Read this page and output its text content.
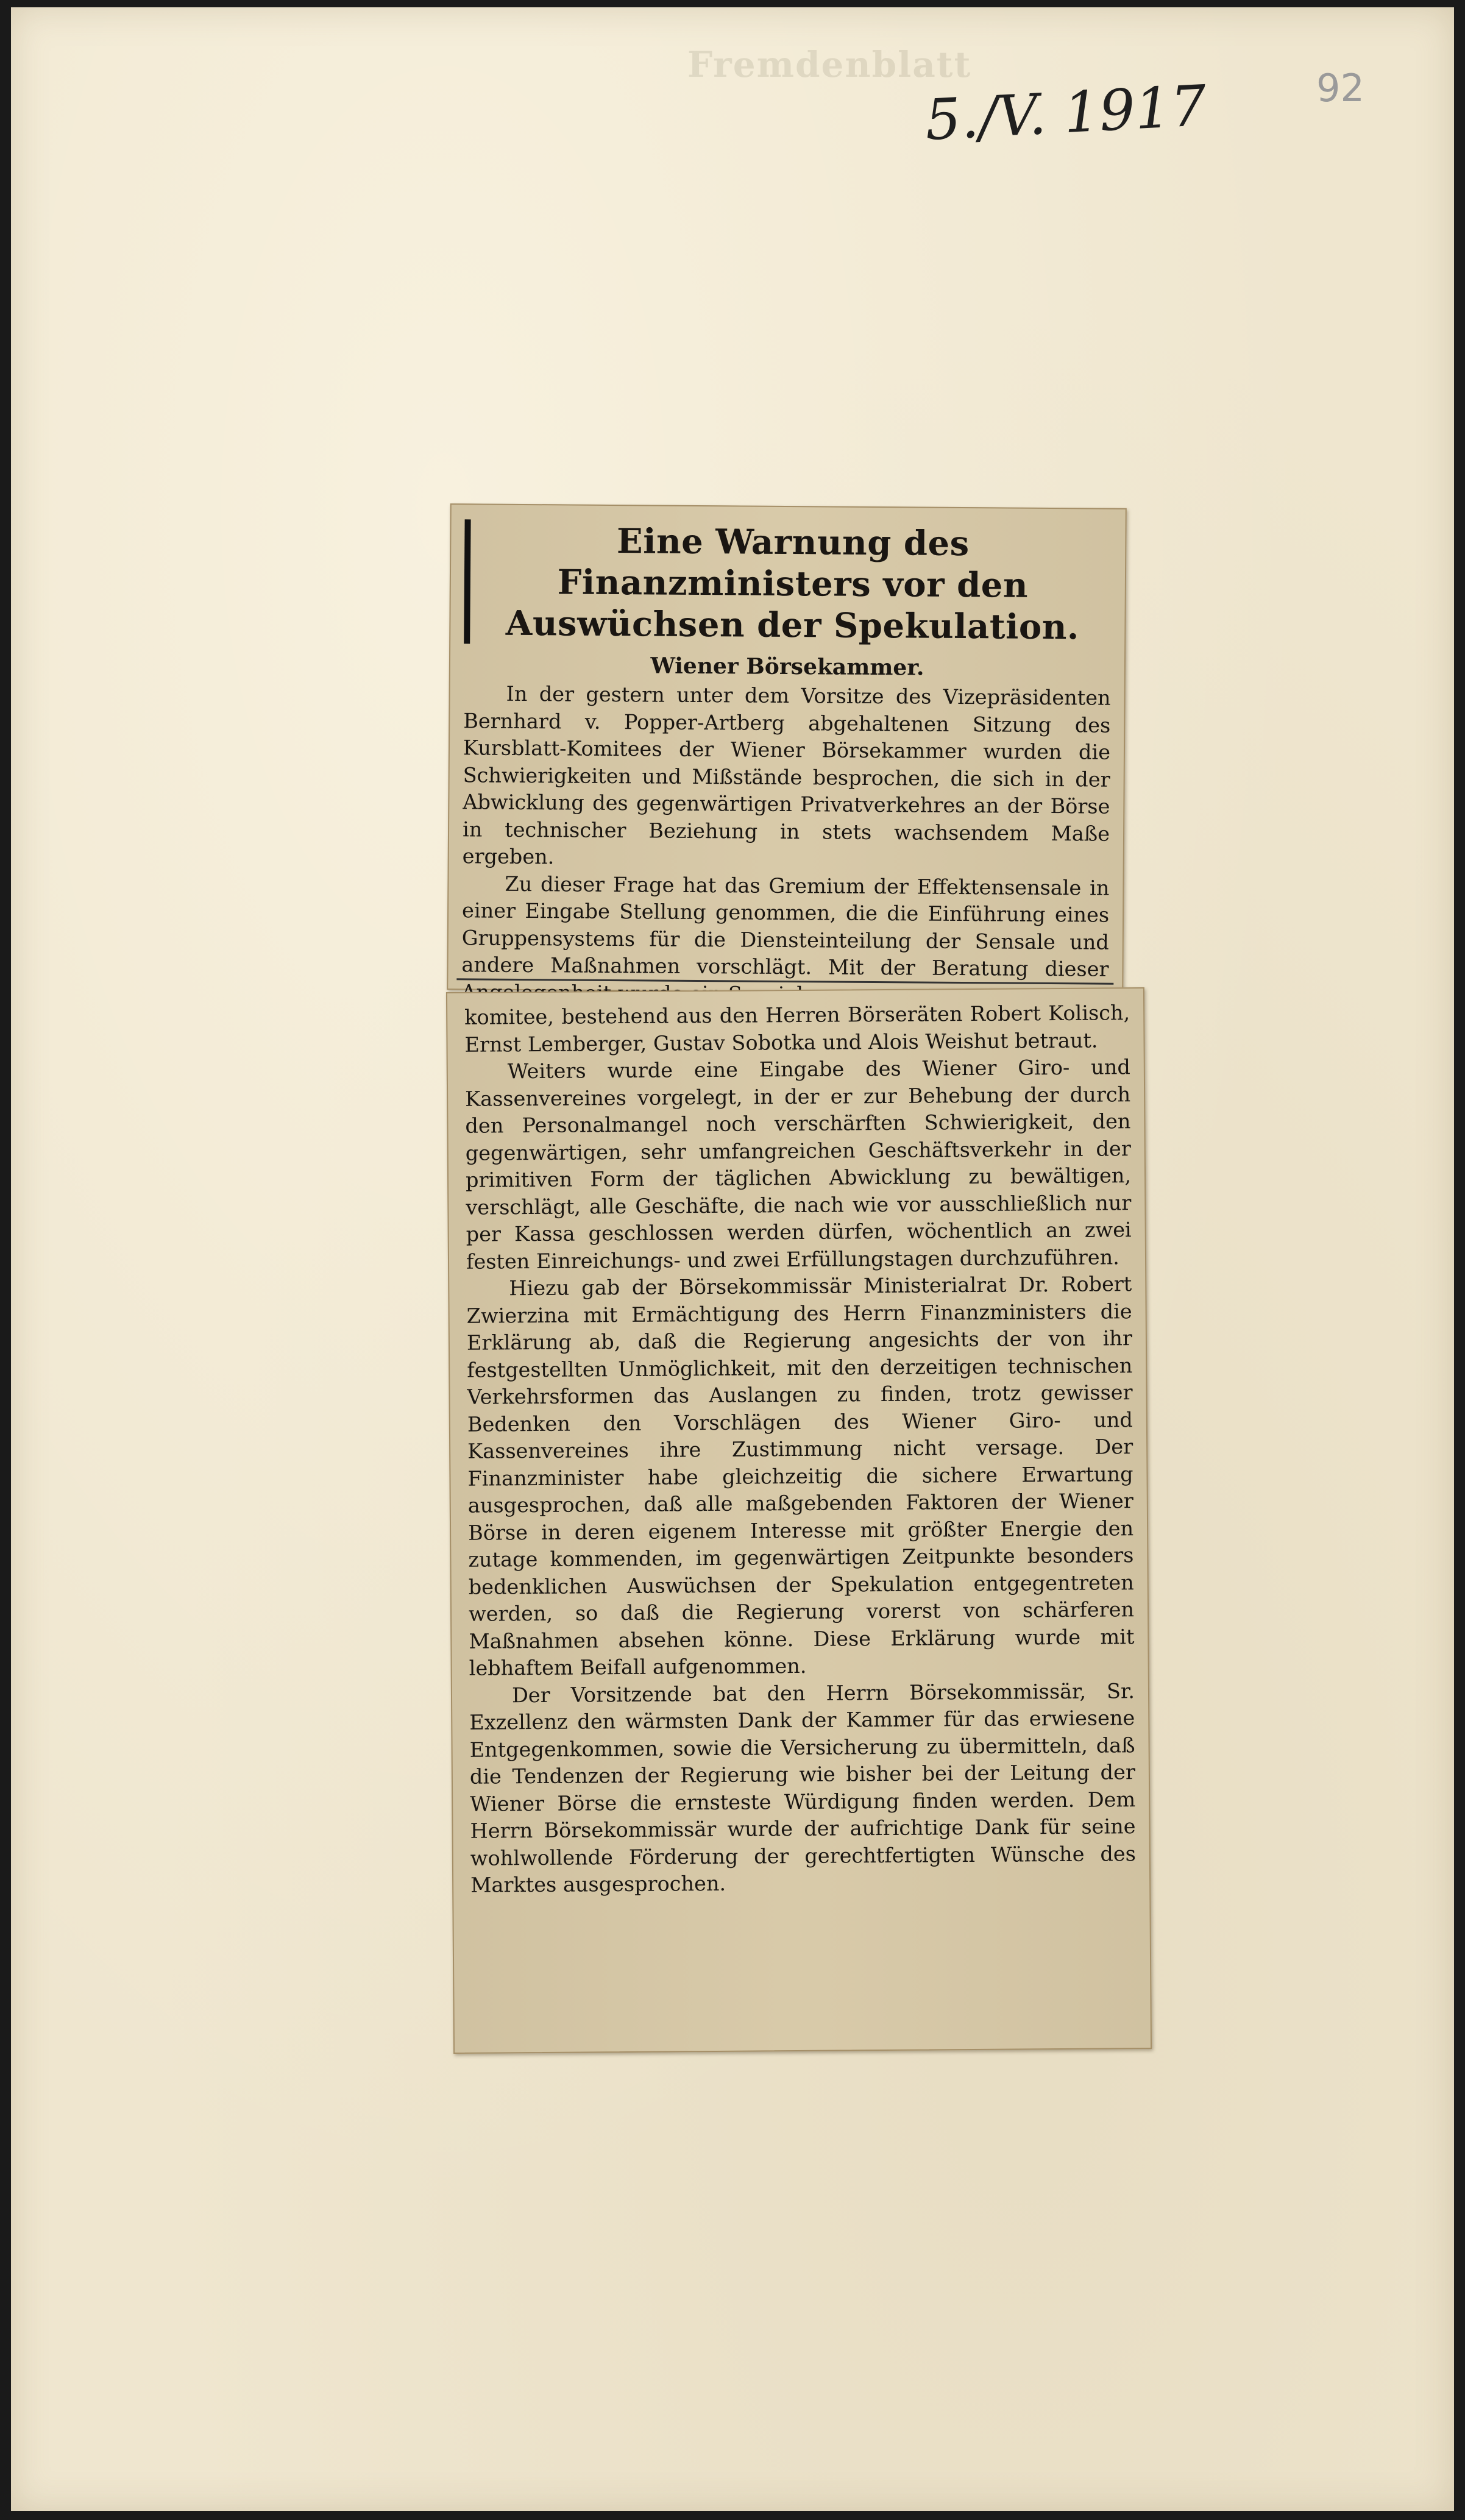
Fremdenblatt
5./V. 1917	92
Eine Warnung des Finanzministers vor den Auswüchsen der Spekulation.
Wiener Börsekammer.

In der gestern unter dem Vorsitze des Vizepräsidenten Bernhard v. Popper-Artberg abgehaltenen Sitzung des Kursblatt-Komitees der Wiener Börsekammer wurden die Schwierigkeiten und Mißstände besprochen, die sich in der Abwicklung des gegenwärtigen Privatverkehres an der Börse in technischer Beziehung in stets wachsendem Maße ergeben.

Zu dieser Frage hat das Gremium der Effektensensale in einer Eingabe Stellung genommen, die die Einführung eines Gruppensystems für die Diensteinteilung der Sensale und andere Maßnahmen vorschlägt. Mit der Beratung dieser

komitee, bestehend aus den Herren Börseräten Robert Kolisch, Ernst Lemberger, Gustav Sobotka und Alois Weishut betraut.

Weiters wurde eine Eingabe des Wiener Giro- und Kassenvereines vorgelegt, in der er zur Behebung der durch den Personalmangel noch verschärften Schwierigkeit, den gegenwärtigen, sehr umfangreichen Geschäftsverkehr in der primitiven Form der täglichen Abwicklung zu bewältigen, verschlägt, alle Geschäfte, die nach wie vor ausschließlich nur per Kassa geschlossen werden dürfen, wöchentlich an zwei festen Einreichungs- und zwei Erfüllungstagen durchzuführen.

Hiezu gab der Börsekommissär Ministerialrat Dr. Robert Zwierzina mit Ermächtigung des Herrn Finanzministers die Erklärung ab, daß die Regierung angesichts der von ihr festgestellten Unmöglichkeit, mit den derzeitigen technischen Verkehrsformen das Auslangen zu finden, trotz gewisser Bedenken den Vorschlägen des Wiener Giro- und Kassenvereines ihre Zustimmung nicht versage. Der Finanzminister habe gleichzeitig die sichere Erwartung ausgesprochen, daß alle maßgebenden Faktoren der Wiener Börse in deren eigenem Interesse mit größter Energie den zutage kommenden, im gegenwärtigen Zeitpunkte besonders bedenklichen Auswüchsen der Spekulation entgegentreten werden, so daß die Regierung vorerst von schärferen Maßnahmen absehen könne. Diese Erklärung wurde mit lebhaftem Beifall aufgenommen.

Der Vorsitzende bat den Herrn Börsekommissär, Sr. Exzellenz den wärmsten Dank der Kammer für das erwiesene Entgegenkommen, sowie die Versicherung zu übermitteln, daß die Tendenzen der Regierung wie bisher bei der Leitung der Wiener Börse die ernsteste Würdigung finden werden. Dem Herrn Börsekommissär wurde der aufrichtige Dank für seine wohlwollende Förderung der gerechtfertigten Wünsche des Marktes ausgesprochen.
